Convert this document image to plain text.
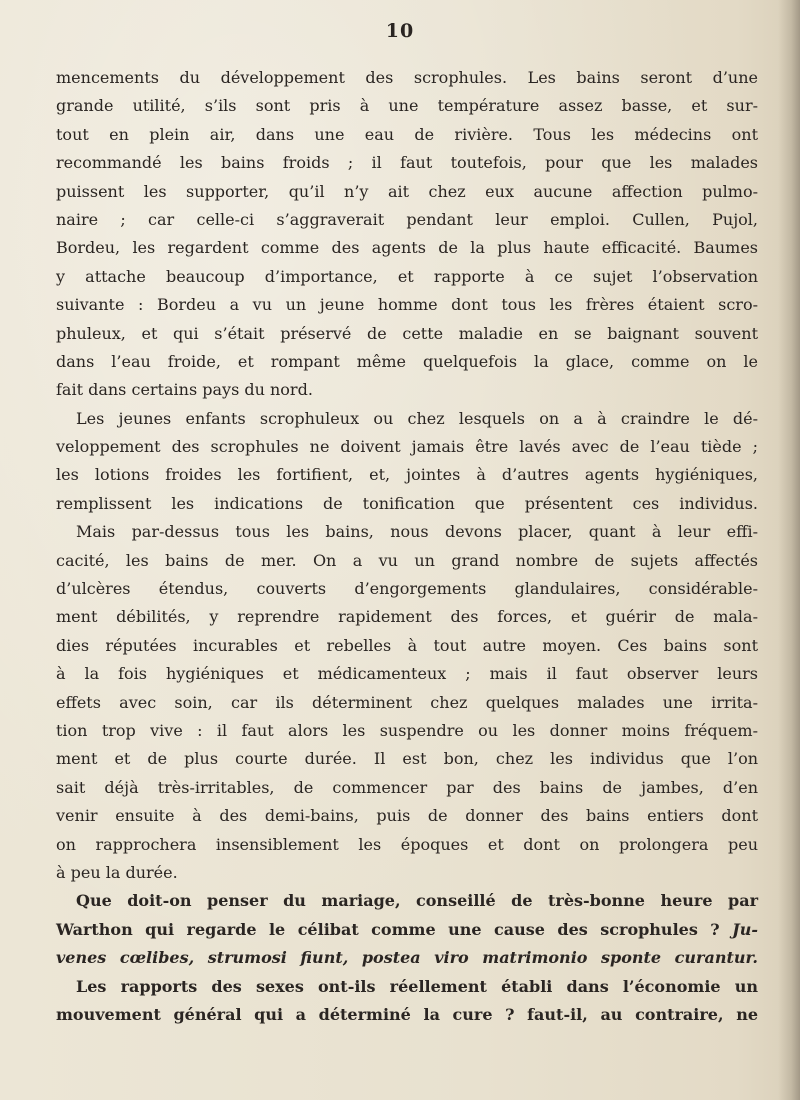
10
mencements du développement des scrophules. Les bains seront d’une
grande utilité, s’ils sont pris à une température assez basse, et sur-
tout en plein air, dans une eau de rivière. Tous les médecins ont
recommandé les bains froids ; il faut toutefois, pour que les malades
puissent les supporter, qu’il n’y ait chez eux aucune affection pulmo-
naire ; car celle-ci s’aggraverait pendant leur emploi. Cullen, Pujol,
Bordeu, les regardent comme des agents de la plus haute efficacité. Baumes
y attache beaucoup d’importance, et rapporte à ce sujet l’observation
suivante : Bordeu a vu un jeune homme dont tous les frères étaient scro-
phuleux, et qui s’était préservé de cette maladie en se baignant souvent
dans l’eau froide, et rompant même quelquefois la glace, comme on le
fait dans certains pays du nord.
Les jeunes enfants scrophuleux ou chez lesquels on a à craindre le dé-
veloppement des scrophules ne doivent jamais être lavés avec de l’eau tiède ;
les lotions froides les fortifient, et, jointes à d’autres agents hygiéniques,
remplissent les indications de tonification que présentent ces individus.
Mais par-dessus tous les bains, nous devons placer, quant à leur effi-
cacité, les bains de mer. On a vu un grand nombre de sujets affectés
d’ulcères étendus, couverts d’engorgements glandulaires, considérable-
ment débilités, y reprendre rapidement des forces, et guérir de mala-
dies réputées incurables et rebelles à tout autre moyen. Ces bains sont
à la fois hygiéniques et médicamenteux ; mais il faut observer leurs
effets avec soin, car ils déterminent chez quelques malades une irrita-
tion trop vive : il faut alors les suspendre ou les donner moins fréquem-
ment et de plus courte durée. Il est bon, chez les individus que l’on
sait déjà très-irritables, de commencer par des bains de jambes, d’en
venir ensuite à des demi-bains, puis de donner des bains entiers dont
on rapprochera insensiblement les époques et dont on prolongera peu
à peu la durée.
Que doit-on penser du mariage, conseillé de très-bonne heure par
Warthon qui regarde le célibat comme une cause des scrophules ? Ju-
venes cœlibes, strumosi fiunt, postea viro matrimonio sponte curantur.
Les rapports des sexes ont-ils réellement établi dans l’économie un
mouvement général qui a déterminé la cure ? faut-il, au contraire, ne
